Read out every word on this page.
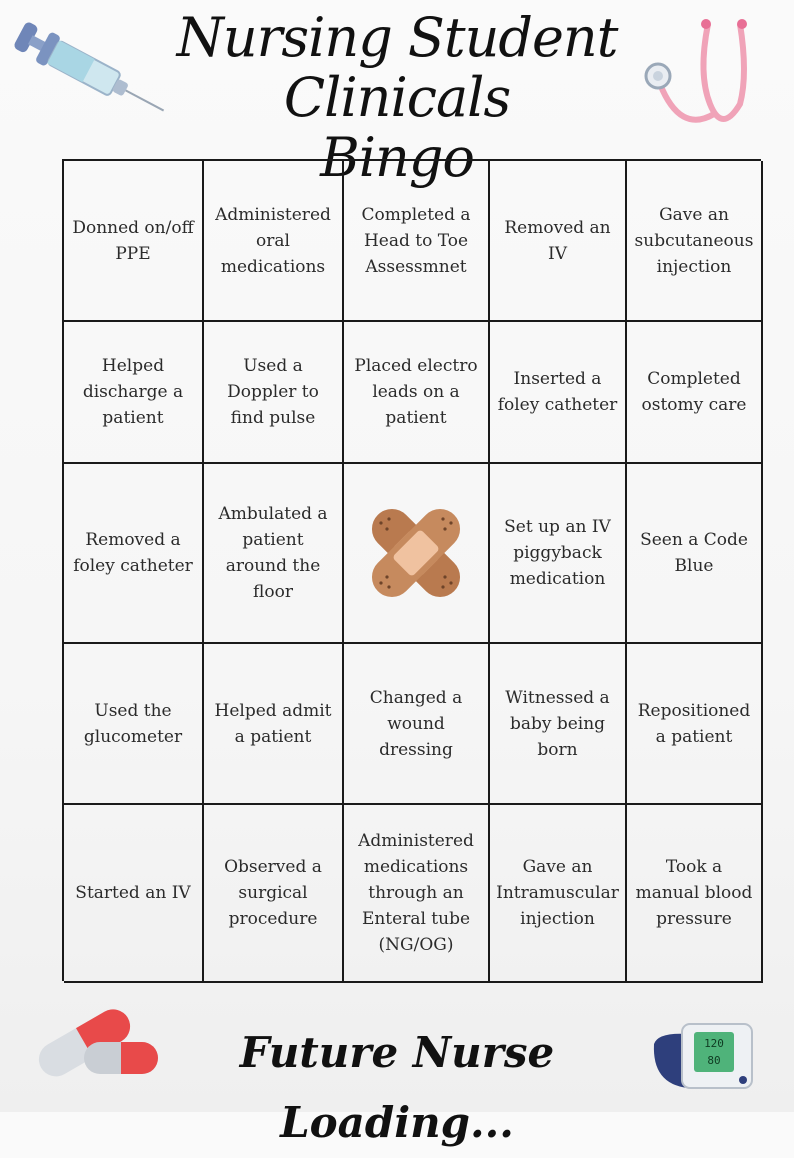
Nursing Student Clinicals
Bingo
Donned on/off PPE
Administered oral medications
Completed a Head to Toe Assessmnet
Removed an IV
Gave an subcutaneous injection
Helped discharge a patient
Used a Doppler to find pulse
Placed electro leads on a patient
Inserted a foley catheter
Completed ostomy care
Removed a foley catheter
Ambulated a patient around the floor
Set up an IV piggyback medication
Seen a Code Blue
Used the glucometer
Helped admit a patient
Changed a wound dressing
Witnessed a baby being born
Repositioned a patient
Started an IV
Observed a surgical procedure
Administered medications through an Enteral tube (NG/OG)
Gave an Intramuscular injection
Took a manual blood pressure
Future Nurse Loading...
120
80
